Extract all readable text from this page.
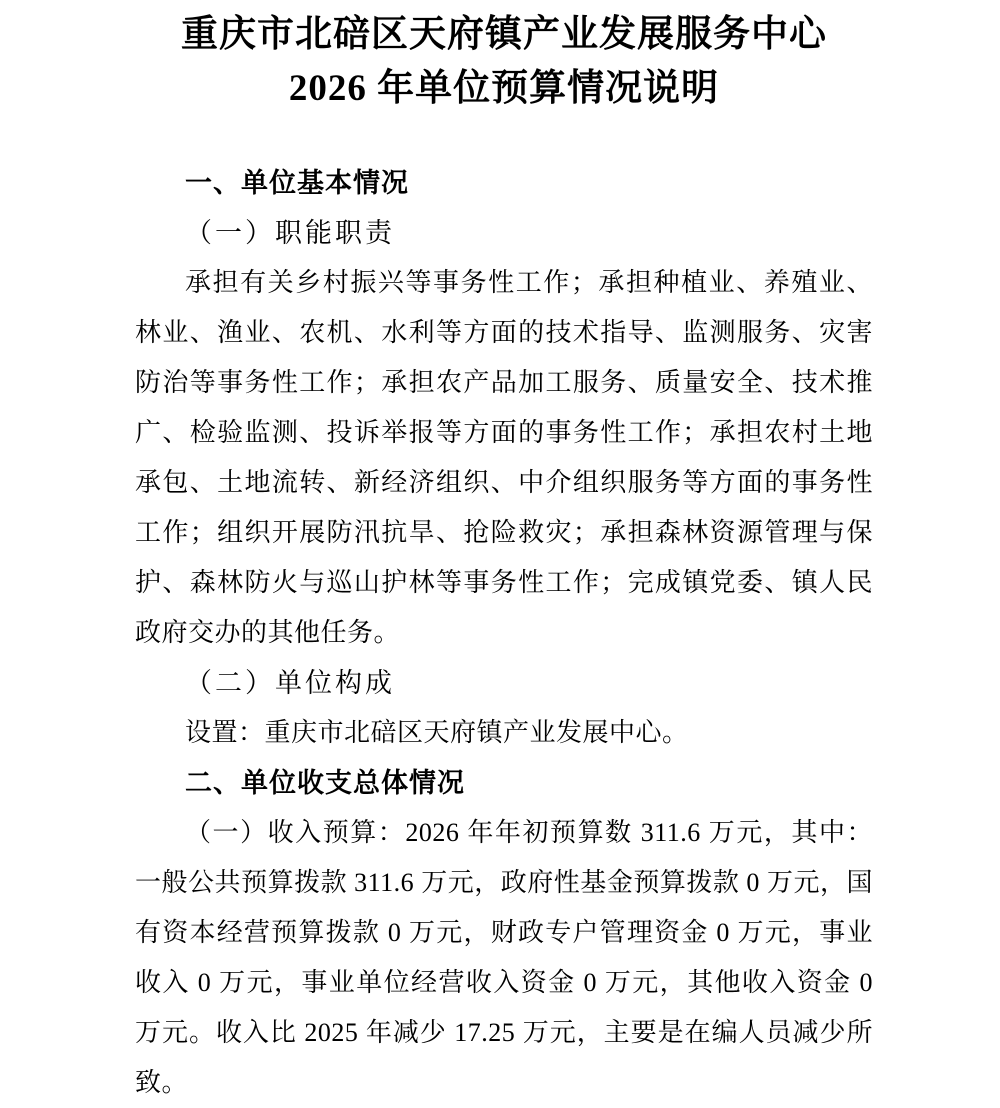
重庆市北碚区天府镇产业发展服务中心
2026 年单位预算情况说明
一、单位基本情况
（一）职能职责

承担有关乡村振兴等事务性工作；承担种植业、养殖业、林业、渔业、农机、水利等方面的技术指导、监测服务、灾害防治等事务性工作；承担农产品加工服务、质量安全、技术推广、检验监测、投诉举报等方面的事务性工作；承担农村土地承包、土地流转、新经济组织、中介组织服务等方面的事务性工作；组织开展防汛抗旱、抢险救灾；承担森林资源管理与保护、森林防火与巡山护林等事务性工作；完成镇党委、镇人民政府交办的其他任务。

（二）单位构成

设置：重庆市北碚区天府镇产业发展中心。

二、单位收支总体情况

（一）收入预算：2026 年年初预算数 311.6 万元，其中：一般公共预算拨款 311.6 万元，政府性基金预算拨款 0 万元，国有资本经营预算拨款 0 万元，财政专户管理资金 0 万元，事业收入 0 万元，事业单位经营收入资金 0 万元，其他收入资金 0 万元。收入比 2025 年减少 17.25 万元，主要是在编人员减少所致。
